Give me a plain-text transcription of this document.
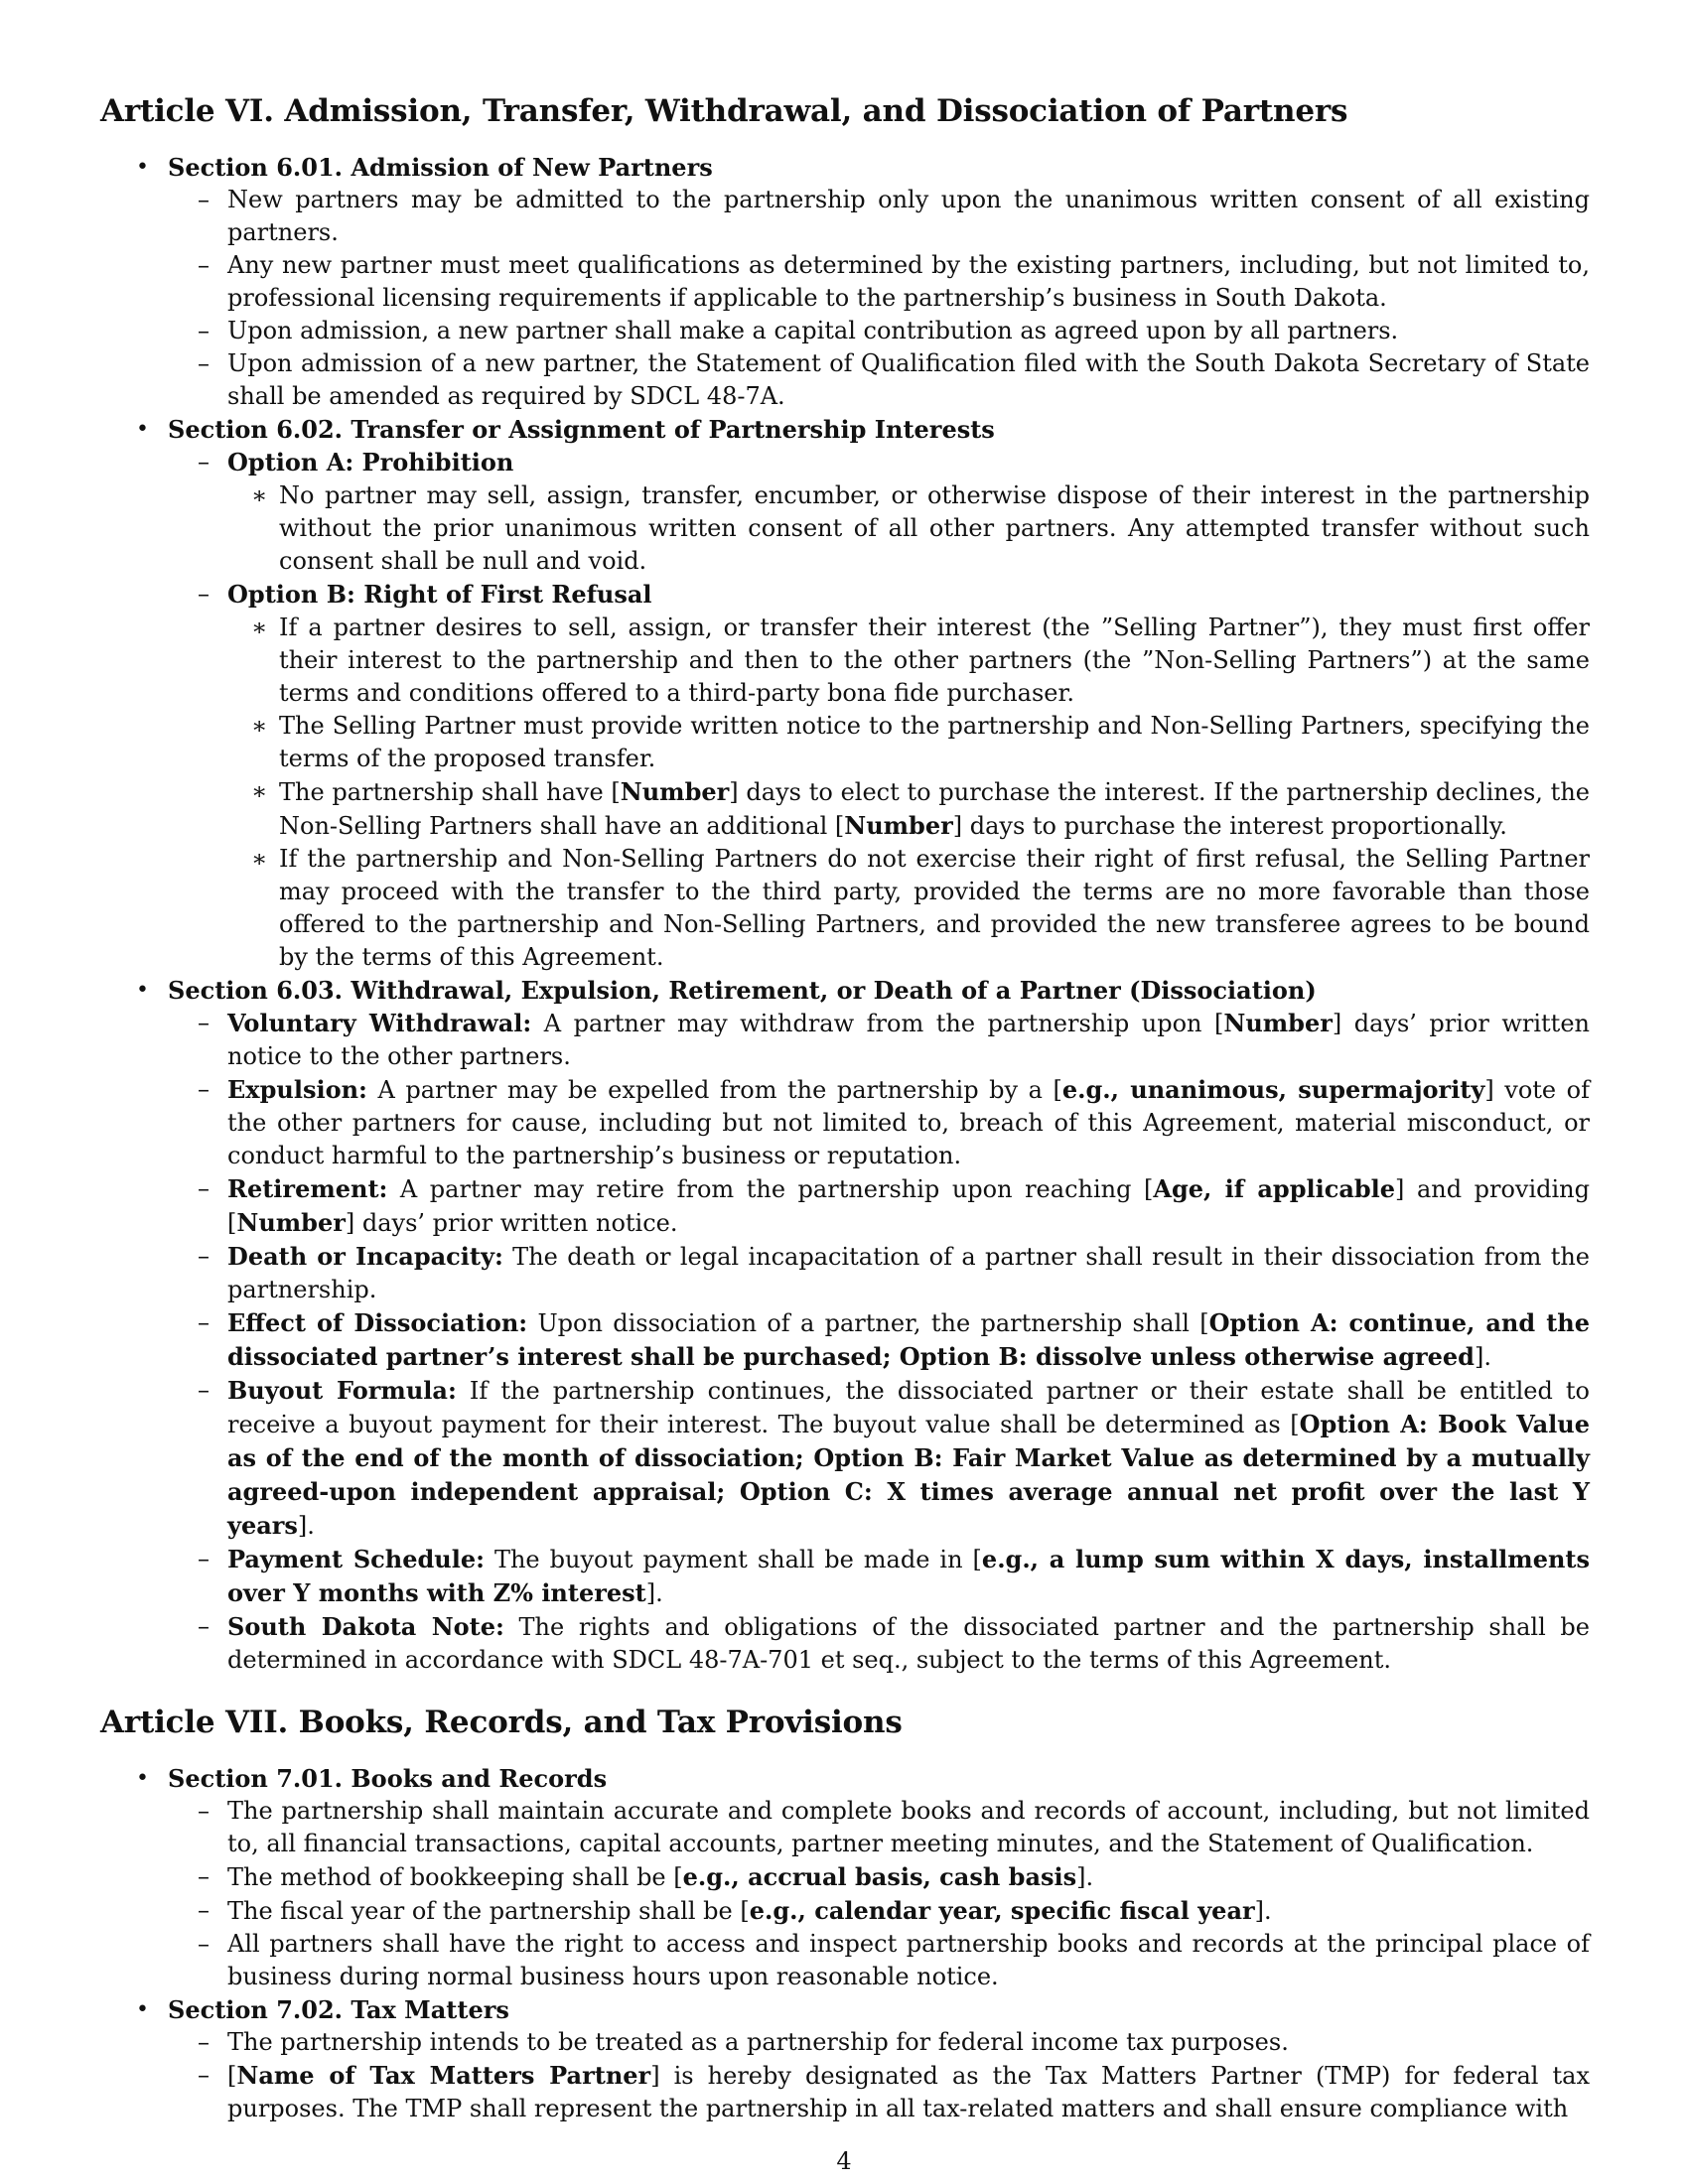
Article VI. Admission, Transfer, Withdrawal, and Dissociation of Partners
• Section 6.01. Admission of New Partners
– New partners may be admitted to the partnership only upon the unanimous written consent of all existing partners.
– Any new partner must meet qualifications as determined by the existing partners, including, but not limited to, professional licensing requirements if applicable to the partnership’s business in South Dakota.
– Upon admission, a new partner shall make a capital contribution as agreed upon by all partners.
– Upon admission of a new partner, the Statement of Qualification filed with the South Dakota Secretary of State shall be amended as required by SDCL 48-7A.
• Section 6.02. Transfer or Assignment of Partnership Interests
– Option A: Prohibition
∗ No partner may sell, assign, transfer, encumber, or otherwise dispose of their interest in the partnership without the prior unanimous written consent of all other partners. Any attempted transfer without such consent shall be null and void.
– Option B: Right of First Refusal
∗ If a partner desires to sell, assign, or transfer their interest (the ”Selling Partner”), they must first offer their interest to the partnership and then to the other partners (the ”Non-Selling Partners”) at the same terms and conditions offered to a third-party bona fide purchaser.
∗ The Selling Partner must provide written notice to the partnership and Non-Selling Partners, specifying the terms of the proposed transfer.
∗ The partnership shall have [Number] days to elect to purchase the interest. If the partnership declines, the Non-Selling Partners shall have an additional [Number] days to purchase the interest proportionally.
∗ If the partnership and Non-Selling Partners do not exercise their right of first refusal, the Selling Partner may proceed with the transfer to the third party, provided the terms are no more favorable than those offered to the partnership and Non-Selling Partners, and provided the new transferee agrees to be bound by the terms of this Agreement.
• Section 6.03. Withdrawal, Expulsion, Retirement, or Death of a Partner (Dissociation)
– Voluntary Withdrawal: A partner may withdraw from the partnership upon [Number] days’ prior written notice to the other partners.
– Expulsion: A partner may be expelled from the partnership by a [e.g., unanimous, supermajority] vote of the other partners for cause, including but not limited to, breach of this Agreement, material misconduct, or conduct harmful to the partnership’s business or reputation.
– Retirement: A partner may retire from the partnership upon reaching [Age, if applicable] and providing [Number] days’ prior written notice.
– Death or Incapacity: The death or legal incapacitation of a partner shall result in their dissociation from the partnership.
– Effect of Dissociation: Upon dissociation of a partner, the partnership shall [Option A: continue, and the dissociated partner’s interest shall be purchased; Option B: dissolve unless otherwise agreed].
– Buyout Formula: If the partnership continues, the dissociated partner or their estate shall be entitled to receive a buyout payment for their interest. The buyout value shall be determined as [Option A: Book Value as of the end of the month of dissociation; Option B: Fair Market Value as determined by a mutually agreed-upon independent appraisal; Option C: X times average annual net profit over the last Y years].
– Payment Schedule: The buyout payment shall be made in [e.g., a lump sum within X days, installments over Y months with Z% interest].
– South Dakota Note: The rights and obligations of the dissociated partner and the partnership shall be determined in accordance with SDCL 48-7A-701 et seq., subject to the terms of this Agreement.
Article VII. Books, Records, and Tax Provisions
• Section 7.01. Books and Records
– The partnership shall maintain accurate and complete books and records of account, including, but not limited to, all financial transactions, capital accounts, partner meeting minutes, and the Statement of Qualification.
– The method of bookkeeping shall be [e.g., accrual basis, cash basis].
– The fiscal year of the partnership shall be [e.g., calendar year, specific fiscal year].
– All partners shall have the right to access and inspect partnership books and records at the principal place of business during normal business hours upon reasonable notice.
• Section 7.02. Tax Matters
– The partnership intends to be treated as a partnership for federal income tax purposes.
– [Name of Tax Matters Partner] is hereby designated as the Tax Matters Partner (TMP) for federal tax purposes. The TMP shall represent the partnership in all tax-related matters and shall ensure compliance with
4
